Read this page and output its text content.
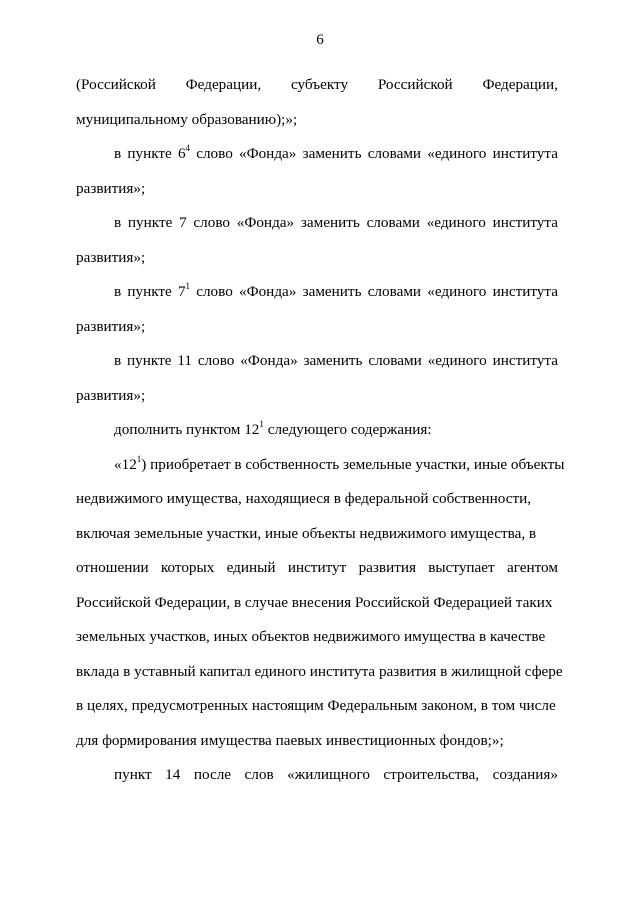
6
(Российской Федерации, субъекту Российской Федерации,
муниципальному образованию);»;
в пункте $6^4$ слово «Фонда» заменить словами «единого института
развития»;
в пункте 7 слово «Фонда» заменить словами «единого института
развития»;
в пункте $7^1$ слово «Фонда» заменить словами «единого института
развития»;
в пункте 11 слово «Фонда» заменить словами «единого института
развития»;
дополнить пунктом $12^1$ следующего содержания:
«$12^1$) приобретает в собственность земельные участки, иные объекты
недвижимого имущества, находящиеся в федеральной собственности,
включая земельные участки, иные объекты недвижимого имущества, в
отношении которых единый институт развития выступает агентом
Российской Федерации, в случае внесения Российской Федерацией таких
земельных участков, иных объектов недвижимого имущества в качестве
вклада в уставный капитал единого института развития в жилищной сфере
в целях, предусмотренных настоящим Федеральным законом, в том числе
для формирования имущества паевых инвестиционных фондов;»;
пункт 14 после слов «жилищного строительства, создания»
